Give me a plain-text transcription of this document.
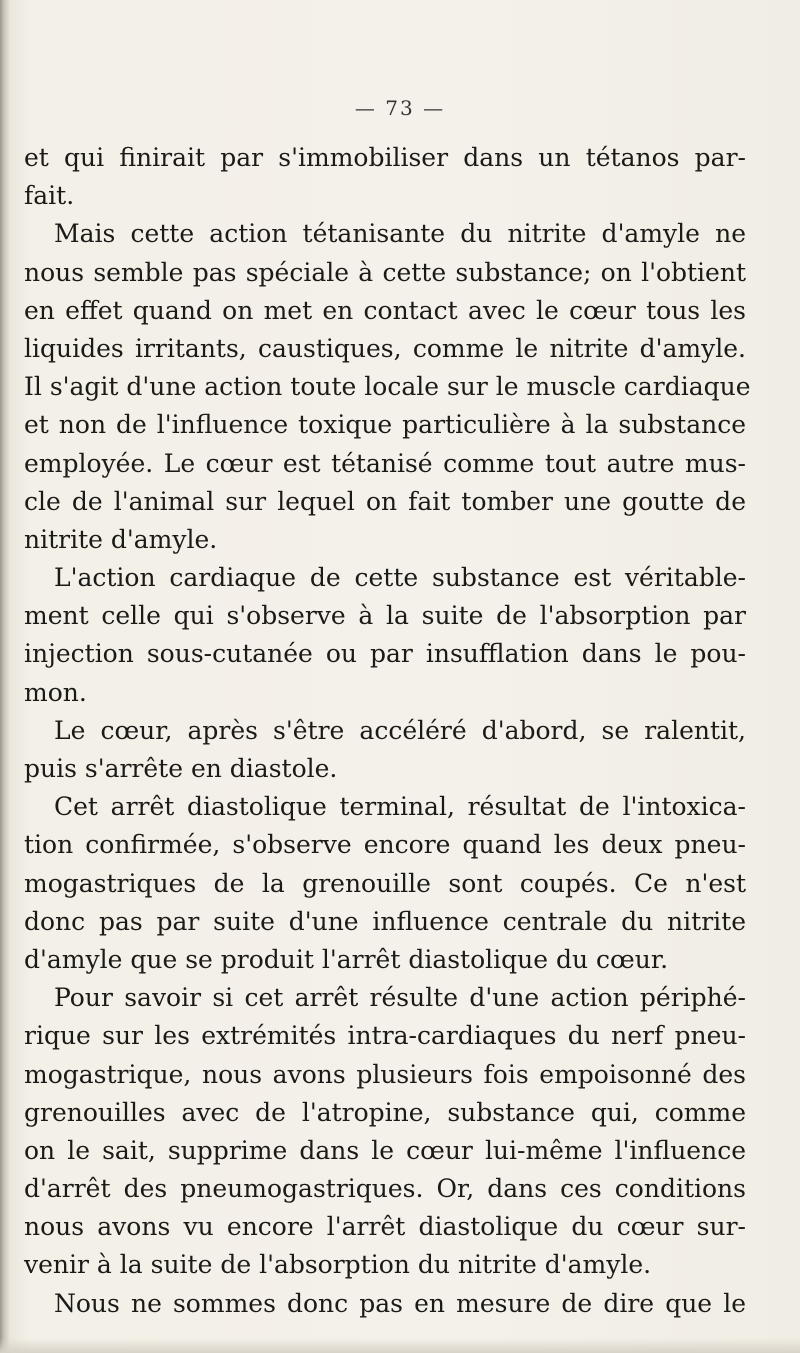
— 73 —
et qui finirait par s'immobiliser dans un tétanos par-
fait.
Mais cette action tétanisante du nitrite d'amyle ne
nous semble pas spéciale à cette substance; on l'obtient
en effet quand on met en contact avec le cœur tous les
liquides irritants, caustiques, comme le nitrite d'amyle.
Il s'agit d'une action toute locale sur le muscle cardiaque
et non de l'influence toxique particulière à la substance
employée. Le cœur est tétanisé comme tout autre mus-
cle de l'animal sur lequel on fait tomber une goutte de
nitrite d'amyle.
L'action cardiaque de cette substance est véritable-
ment celle qui s'observe à la suite de l'absorption par
injection sous-cutanée ou par insufflation dans le pou-
mon.
Le cœur, après s'être accéléré d'abord, se ralentit,
puis s'arrête en diastole.
Cet arrêt diastolique terminal, résultat de l'intoxica-
tion confirmée, s'observe encore quand les deux pneu-
mogastriques de la grenouille sont coupés. Ce n'est
donc pas par suite d'une influence centrale du nitrite
d'amyle que se produit l'arrêt diastolique du cœur.
Pour savoir si cet arrêt résulte d'une action périphé-
rique sur les extrémités intra-cardiaques du nerf pneu-
mogastrique, nous avons plusieurs fois empoisonné des
grenouilles avec de l'atropine, substance qui, comme
on le sait, supprime dans le cœur lui-même l'influence
d'arrêt des pneumogastriques. Or, dans ces conditions
nous avons vu encore l'arrêt diastolique du cœur sur-
venir à la suite de l'absorption du nitrite d'amyle.
Nous ne sommes donc pas en mesure de dire que le
